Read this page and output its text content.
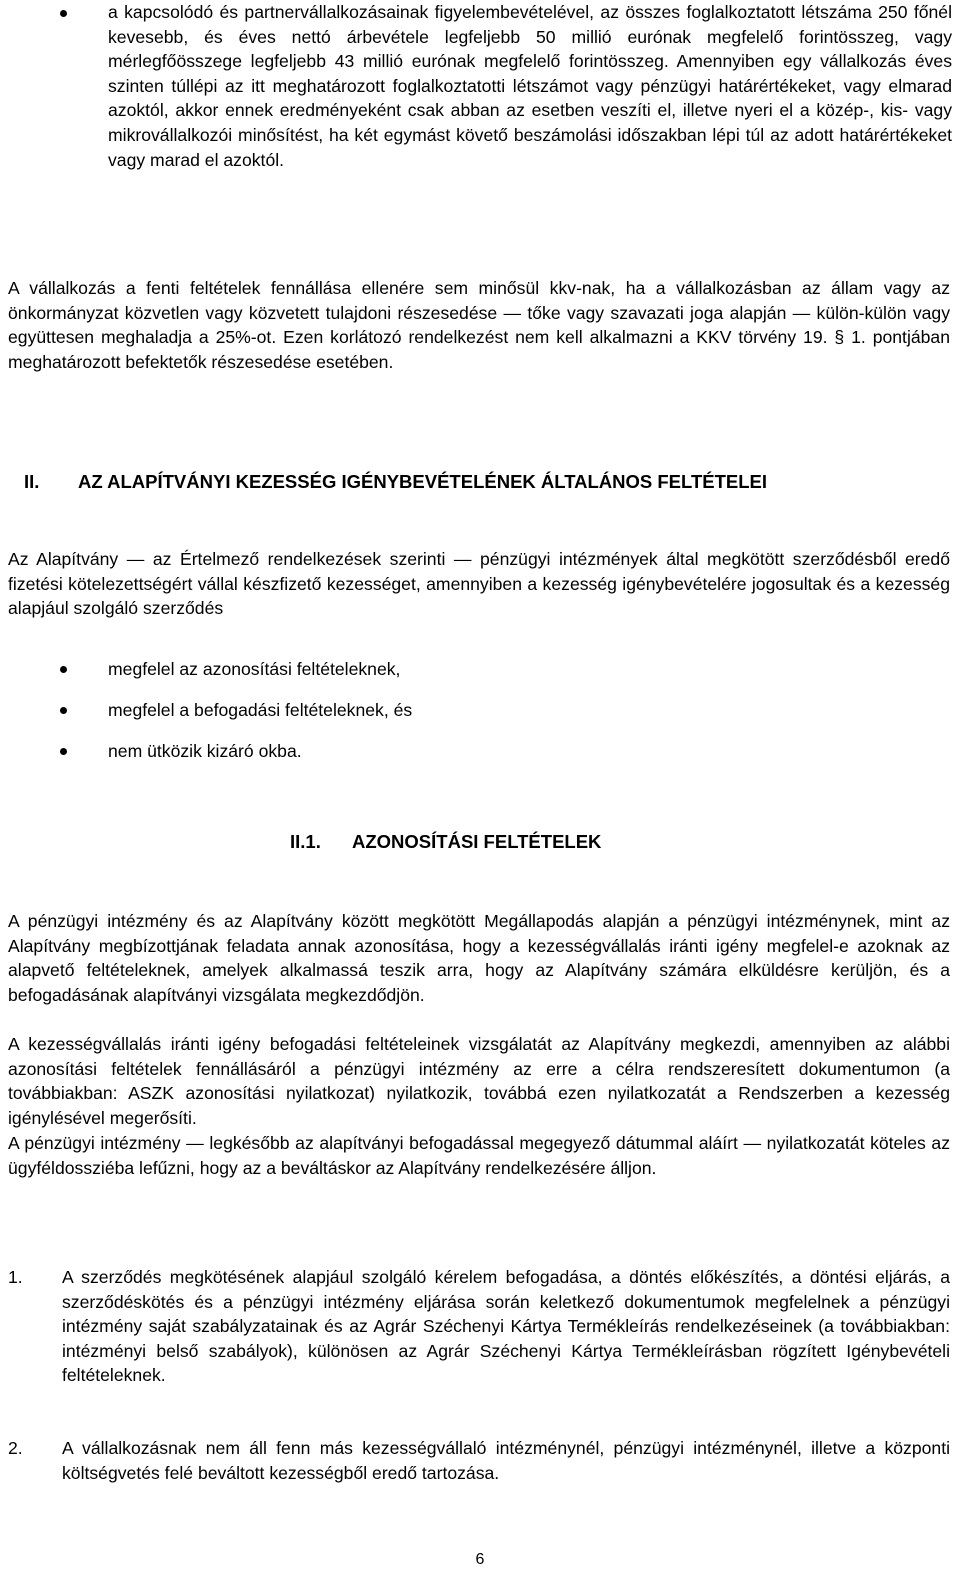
a kapcsolódó és partnervállalkozásainak figyelembevételével, az összes foglalkoztatott létszáma 250 főnél kevesebb, és éves nettó árbevétele legfeljebb 50 millió eurónak megfelelő forintösszeg, vagy mérlegfőösszege legfeljebb 43 millió eurónak megfelelő forintösszeg. Amennyiben egy vállalkozás éves szinten túllépi az itt meghatározott foglalkoztatotti létszámot vagy pénzügyi határértékeket, vagy elmarad azoktól, akkor ennek eredményeként csak abban az esetben veszíti el, illetve nyeri el a közép-, kis- vagy mikrovállalkozói minősítést, ha két egymást követő beszámolási időszakban lépi túl az adott határértékeket vagy marad el azoktól.
A vállalkozás a fenti feltételek fennállása ellenére sem minősül kkv-nak, ha a vállalkozásban az állam vagy az önkormányzat közvetlen vagy közvetett tulajdoni részesedése — tőke vagy szavazati joga alapján — külön-külön vagy együttesen meghaladja a 25%-ot. Ezen korlátozó rendelkezést nem kell alkalmazni a KKV törvény 19. § 1. pontjában meghatározott befektetők részesedése esetében.
II. AZ ALAPÍTVÁNYI KEZESSÉG IGÉNYBEVÉTELÉNEK ÁLTALÁNOS FELTÉTELEI
Az Alapítvány — az Értelmező rendelkezések szerinti — pénzügyi intézmények által megkötött szerződésből eredő fizetési kötelezettségért vállal készfizető kezességet, amennyiben a kezesség igénybevételére jogosultak és a kezesség alapjául szolgáló szerződés
megfelel az azonosítási feltételeknek,
megfelel a befogadási feltételeknek, és
nem ütközik kizáró okba.
II.1. AZONOSÍTÁSI FELTÉTELEK
A pénzügyi intézmény és az Alapítvány között megkötött Megállapodás alapján a pénzügyi intézménynek, mint az Alapítvány megbízottjának feladata annak azonosítása, hogy a kezességvállalás iránti igény megfelel-e azoknak az alapvető feltételeknek, amelyek alkalmassá teszik arra, hogy az Alapítvány számára elküldésre kerüljön, és a befogadásának alapítványi vizsgálata megkezdődjön.
A kezességvállalás iránti igény befogadási feltételeinek vizsgálatát az Alapítvány megkezdi, amennyiben az alábbi azonosítási feltételek fennállásáról a pénzügyi intézmény az erre a célra rendszeresített dokumentumon (a továbbiakban: ASZK azonosítási nyilatkozat) nyilatkozik, továbbá ezen nyilatkozatát a Rendszerben a kezesség igénylésével megerősíti.
A pénzügyi intézmény — legkésőbb az alapítványi befogadással megegyező dátummal aláírt — nyilatkozatát köteles az ügyféldossziéba lefűzni, hogy az a beváltáskor az Alapítvány rendelkezésére álljon.
1. A szerződés megkötésének alapjául szolgáló kérelem befogadása, a döntés előkészítés, a döntési eljárás, a szerződéskötés és a pénzügyi intézmény eljárása során keletkező dokumentumok megfelelnek a pénzügyi intézmény saját szabályzatainak és az Agrár Széchenyi Kártya Termékleírás rendelkezéseinek (a továbbiakban: intézményi belső szabályok), különösen az Agrár Széchenyi Kártya Termékleírásban rögzített Igénybevételi feltételeknek.
2. A vállalkozásnak nem áll fenn más kezességvállaló intézménynél, pénzügyi intézménynél, illetve a központi költségvetés felé beváltott kezességből eredő tartozása.
6
